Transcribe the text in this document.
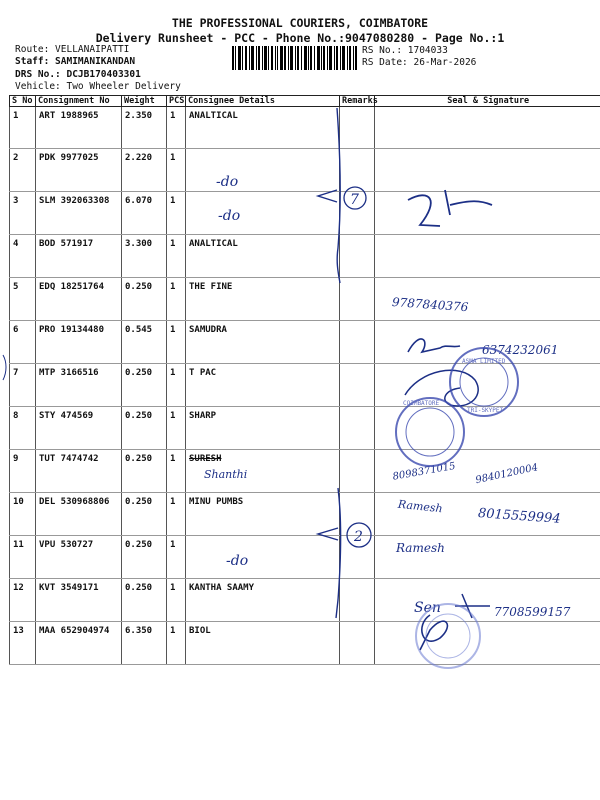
THE PROFESSIONAL COURIERS, COIMBATORE
Delivery Runsheet - PCC - Phone No.:9047080280 - Page No.:1
Route: VELLANAIPATTI
Staff: SAMIMANIKANDAN
DRS No.: DCJB170403301
Vehicle: Two Wheeler Delivery
RS No.: 1704033
RS Date: 26-Mar-2026
S No	Consignment No	Weight	PCS	Consignee Details	Remarks	Seal & Signature
1	ART 1988965	2.350	1	ANALTICAL		
2	PDK 9977025	2.220	1			
3	SLM 392063308	6.070	1			
4	BOD 571917	3.300	1	ANALTICAL		
5	EDQ 18251764	0.250	1	THE FINE		
6	PRO 19134480	0.545	1	SAMUDRA		
7	MTP 3166516	0.250	1	T PAC		
8	STY 474569	0.250	1	SHARP		
9	TUT 7474742	0.250	1	SURESH		
10	DEL 530968806	0.250	1	MINU PUMBS		
11	VPU 530727	0.250	1			
12	KVT 3549171	0.250	1	KANTHA SAAMY		
13	MAA 652904974	6.350	1	BIOL		
7
2
-do
-do
-do
Shanthi
9787840376
6374232061
8098371015 9840120004
Ramesh	8015559994
Ramesh
Sen	7708599157
ASMA LIMITED
TRI-SKYPET
COIMBATORE
